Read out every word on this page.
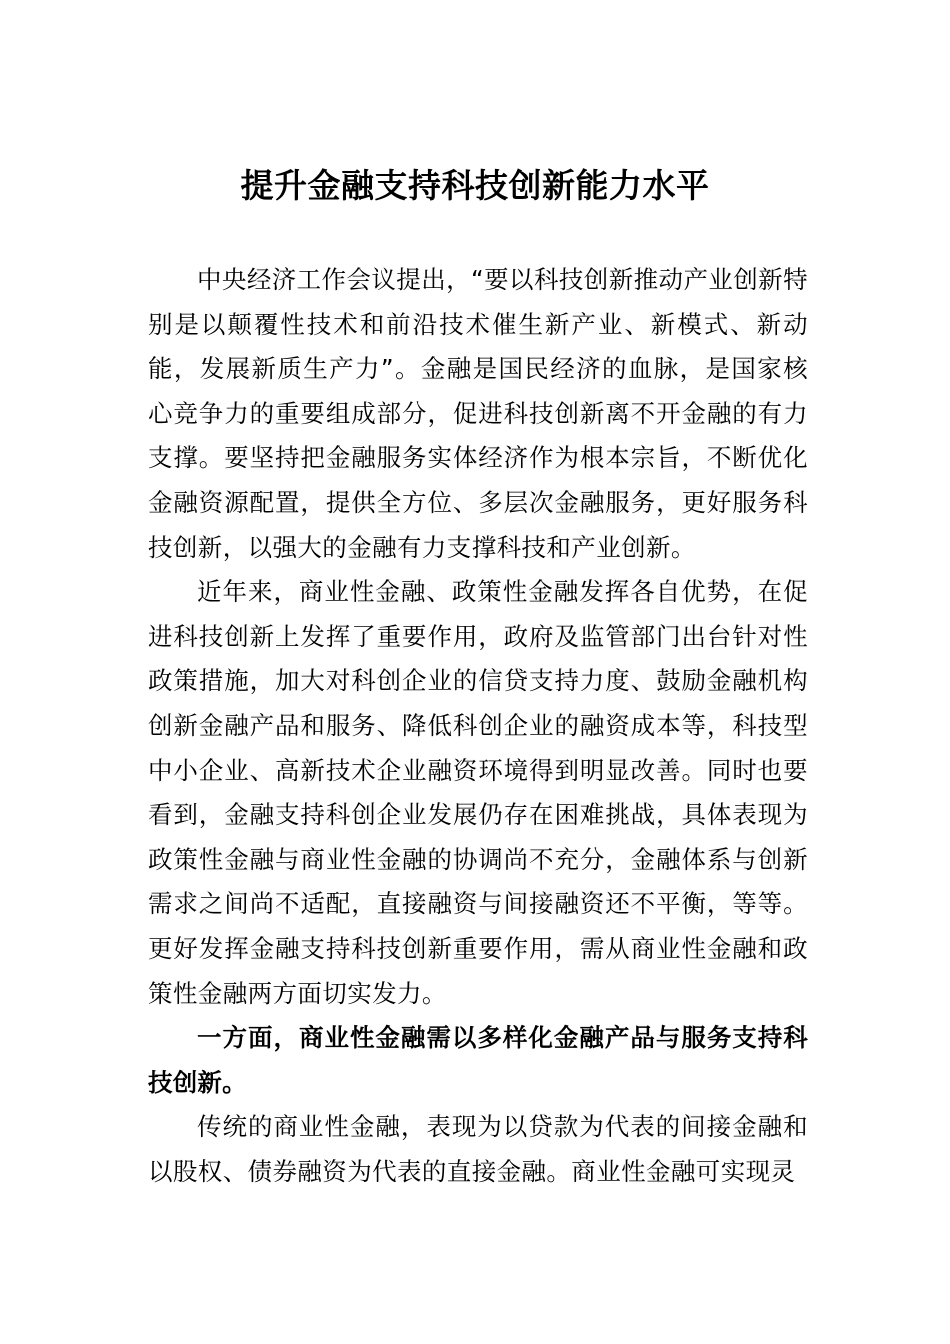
提升金融支持科技创新能力水平

中央经济工作会议提出，“要以科技创新推动产业创新特别是以颠覆性技术和前沿技术催生新产业、新模式、新动能，发展新质生产力”。金融是国民经济的血脉，是国家核心竞争力的重要组成部分，促进科技创新离不开金融的有力支撑。要坚持把金融服务实体经济作为根本宗旨，不断优化金融资源配置，提供全方位、多层次金融服务，更好服务科技创新，以强大的金融有力支撑科技和产业创新。

近年来，商业性金融、政策性金融发挥各自优势，在促进科技创新上发挥了重要作用，政府及监管部门出台针对性政策措施，加大对科创企业的信贷支持力度、鼓励金融机构创新金融产品和服务、降低科创企业的融资成本等，科技型中小企业、高新技术企业融资环境得到明显改善。同时也要看到，金融支持科创企业发展仍存在困难挑战，具体表现为政策性金融与商业性金融的协调尚不充分，金融体系与创新需求之间尚不适配，直接融资与间接融资还不平衡，等等。更好发挥金融支持科技创新重要作用，需从商业性金融和政策性金融两方面切实发力。

一方面，商业性金融需以多样化金融产品与服务支持科技创新。

传统的商业性金融，表现为以贷款为代表的间接金融和以股权、债券融资为代表的直接金融。商业性金融可实现灵
